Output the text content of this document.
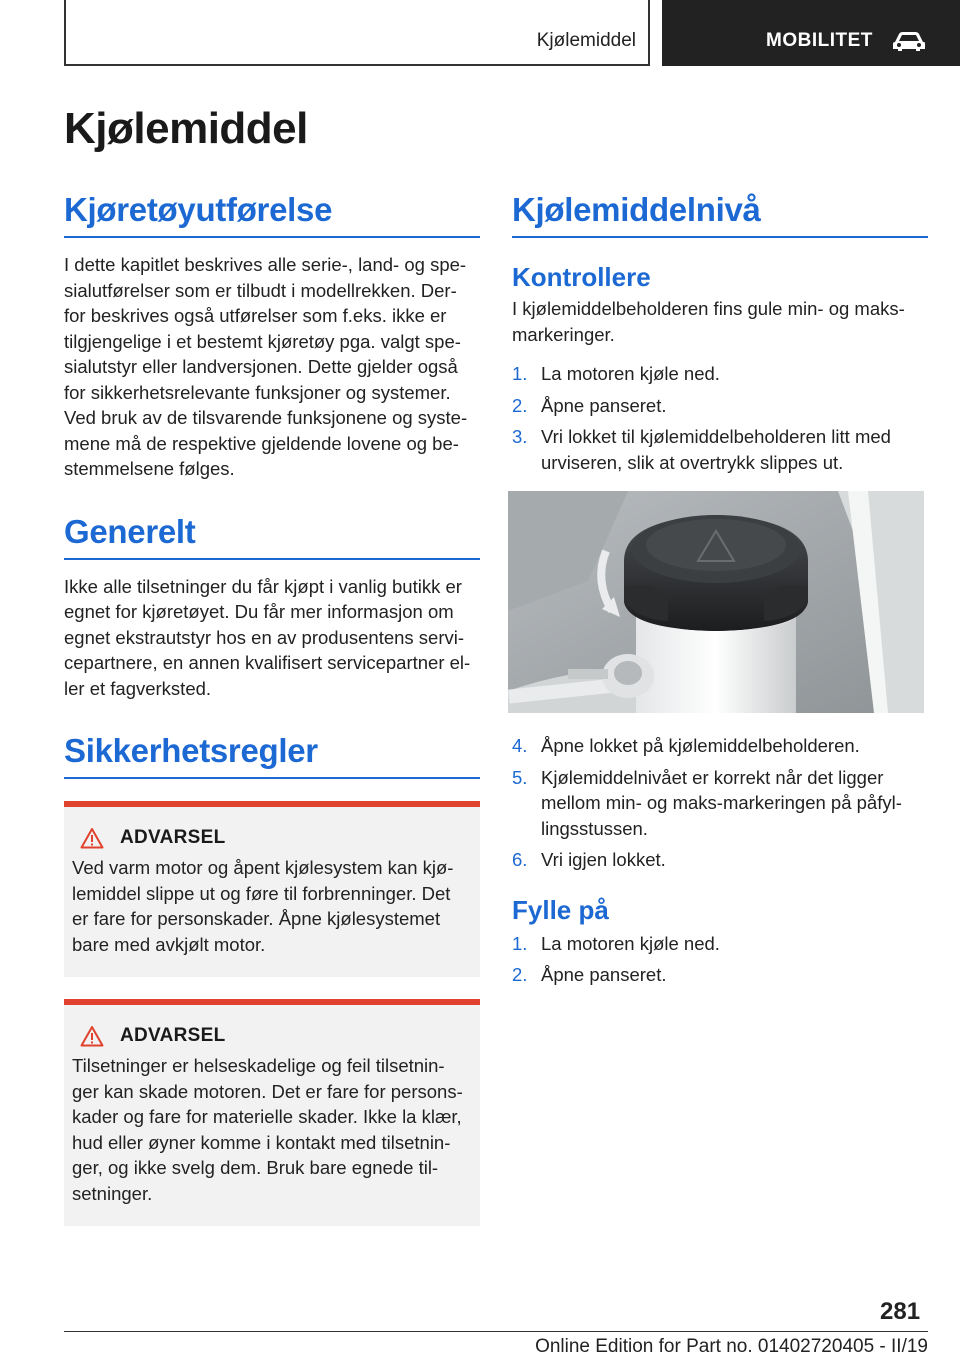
Kjølemiddel	MOBILITET
Kjølemiddel
Kjøretøyutførelse

I dette kapitlet beskrives alle serie-, land- og spe-
sialutførelser som er tilbudt i modellrekken. Der-
for beskrives også utførelser som f.eks. ikke er
tilgjengelige i et bestemt kjøretøy pga. valgt spe-
sialutstyr eller landversjonen. Dette gjelder også
for sikkerhetsrelevante funksjoner og systemer.
Ved bruk av de tilsvarende funksjonene og syste-
mene må de respektive gjeldende lovene og be-
stemmelsene følges.

Generelt

Ikke alle tilsetninger du får kjøpt i vanlig butikk er
egnet for kjøretøyet. Du får mer informasjon om
egnet ekstrautstyr hos en av produsentens servi-
cepartnere, en annen kvalifisert servicepartner el-
ler et fagverksted.

Sikkerhetsregler
ADVARSEL

Ved varm motor og åpent kjølesystem kan kjø-
lemiddel slippe ut og føre til forbrenninger. Det
er fare for personskader. Åpne kjølesystemet
bare med avkjølt motor.

ADVARSEL

Tilsetninger er helseskadelige og feil tilsetnin-
ger kan skade motoren. Det er fare for persons-
kader og fare for materielle skader. Ikke la klær,
hud eller øyner komme i kontakt med tilsetnin-
ger, og ikke svelg dem. Bruk bare egnede til-
setninger.

Kjølemiddelnivå
Kontrollere

I kjølemiddelbeholderen fins gule min- og maks-
markeringer.

1. La motoren kjøle ned.
2. Åpne panseret.
3. Vri lokket til kjølemiddelbeholderen litt med
urviseren, slik at overtrykk slippes ut.
4. Åpne lokket på kjølemiddelbeholderen.
5. Kjølemiddelnivået er korrekt når det ligger
mellom min- og maks-markeringen på påfyl-
lingsstussen.
6. Vri igjen lokket.
Fylle på
1. La motoren kjøle ned.
2. Åpne panseret.
281
Online Edition for Part no. 01402720405 - II/19
